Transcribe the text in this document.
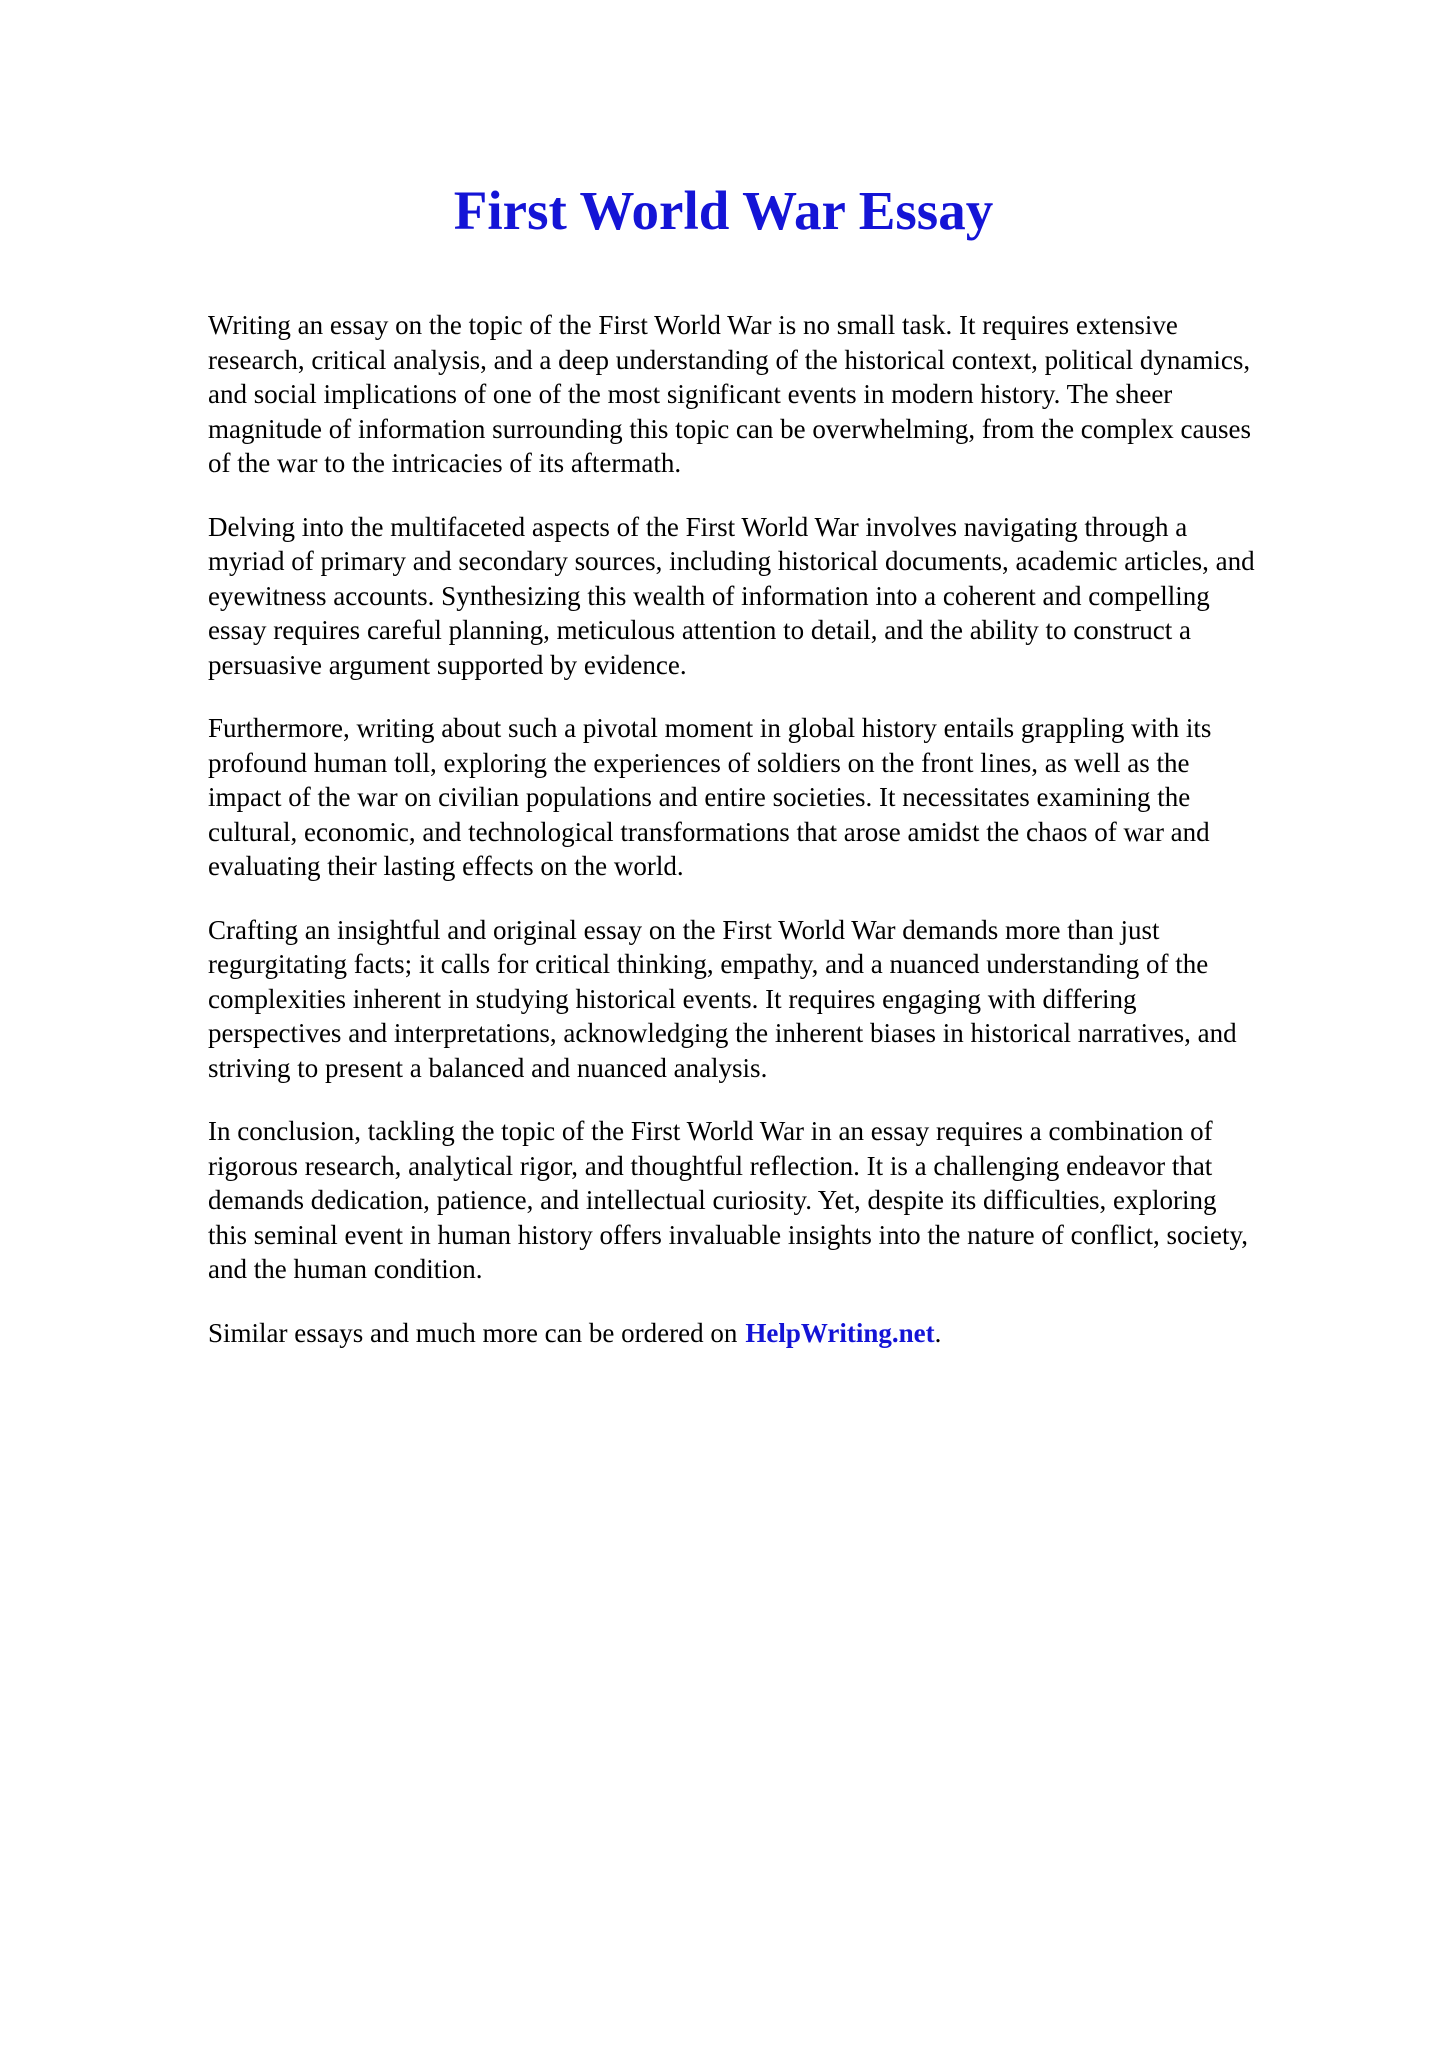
First World War Essay

Writing an essay on the topic of the First World War is no small task. It requires extensive
research, critical analysis, and a deep understanding of the historical context, political dynamics,
and social implications of one of the most significant events in modern history. The sheer
magnitude of information surrounding this topic can be overwhelming, from the complex causes
of the war to the intricacies of its aftermath.

Delving into the multifaceted aspects of the First World War involves navigating through a
myriad of primary and secondary sources, including historical documents, academic articles, and
eyewitness accounts. Synthesizing this wealth of information into a coherent and compelling
essay requires careful planning, meticulous attention to detail, and the ability to construct a
persuasive argument supported by evidence.

Furthermore, writing about such a pivotal moment in global history entails grappling with its
profound human toll, exploring the experiences of soldiers on the front lines, as well as the
impact of the war on civilian populations and entire societies. It necessitates examining the
cultural, economic, and technological transformations that arose amidst the chaos of war and
evaluating their lasting effects on the world.

Crafting an insightful and original essay on the First World War demands more than just
regurgitating facts; it calls for critical thinking, empathy, and a nuanced understanding of the
complexities inherent in studying historical events. It requires engaging with differing
perspectives and interpretations, acknowledging the inherent biases in historical narratives, and
striving to present a balanced and nuanced analysis.

In conclusion, tackling the topic of the First World War in an essay requires a combination of
rigorous research, analytical rigor, and thoughtful reflection. It is a challenging endeavor that
demands dedication, patience, and intellectual curiosity. Yet, despite its difficulties, exploring
this seminal event in human history offers invaluable insights into the nature of conflict, society,
and the human condition.

Similar essays and much more can be ordered on HelpWriting.net.
